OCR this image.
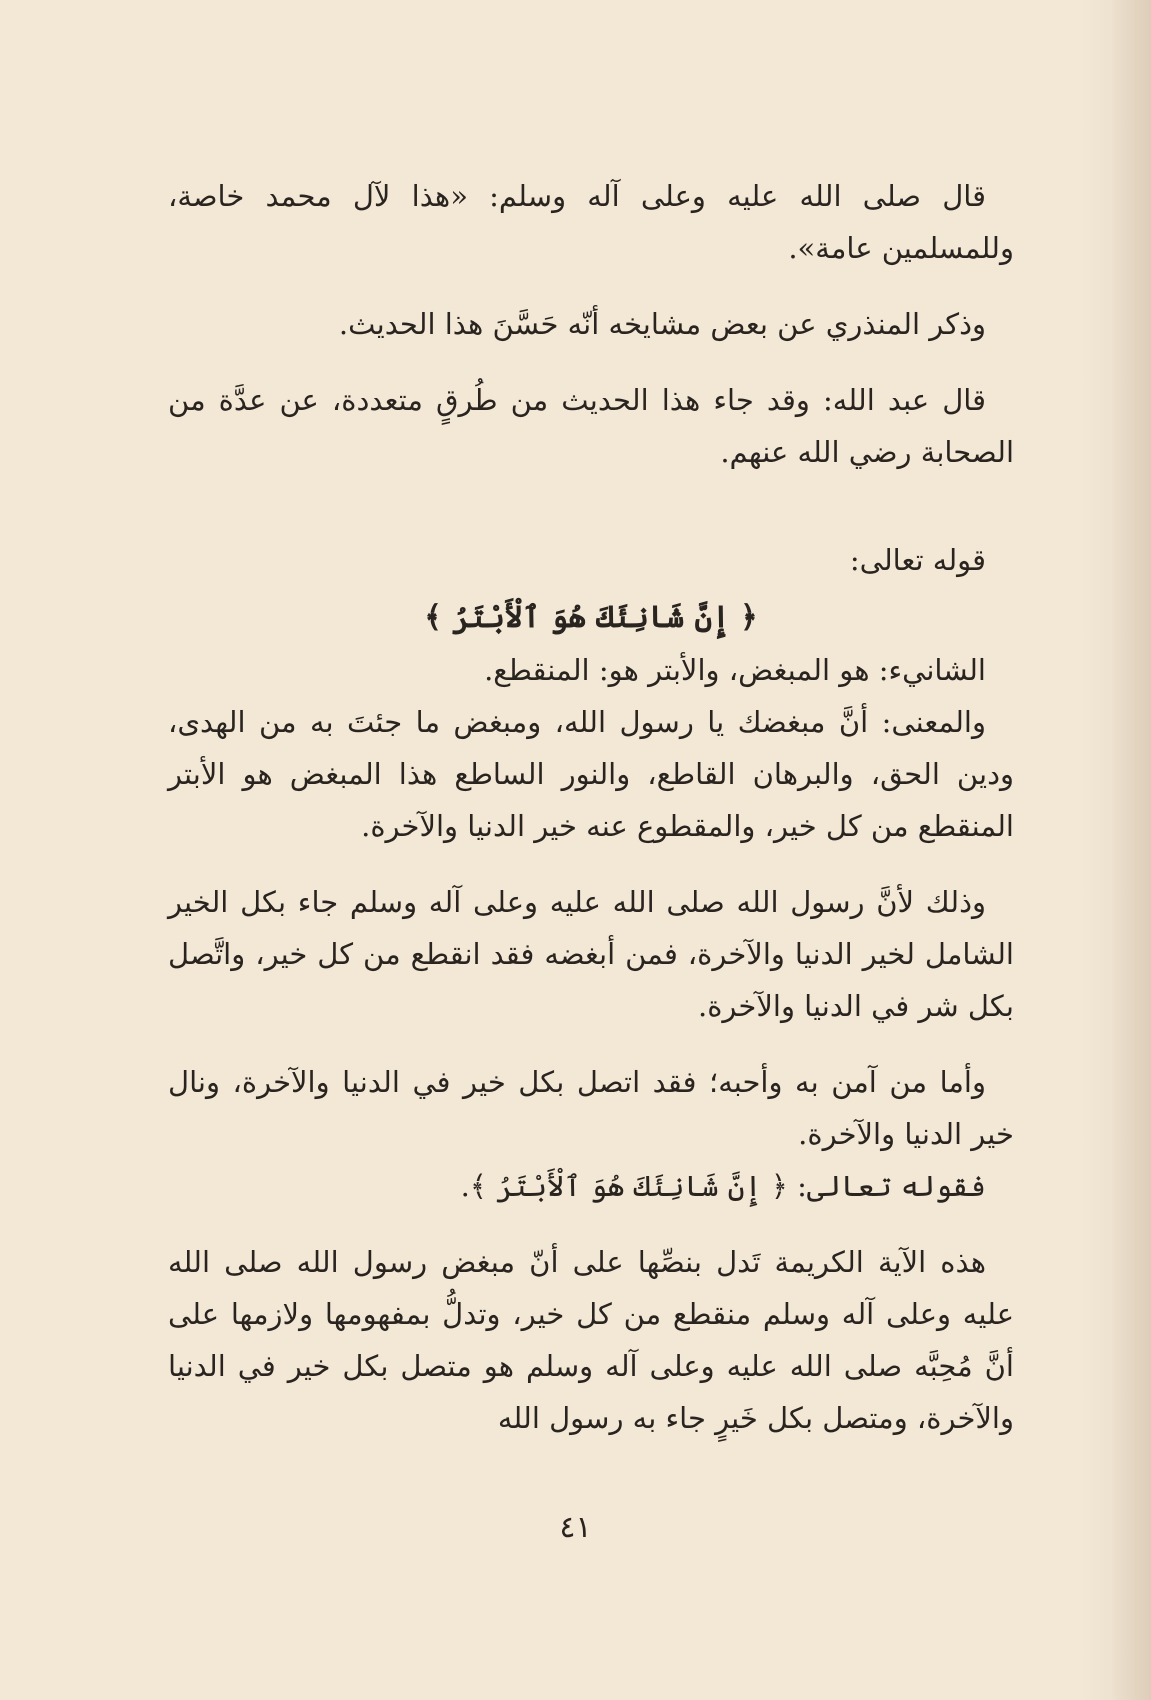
قال صلى الله عليه وعلى آله وسلم: «هذا لآل محمد خاصة، وللمسلمين عامة».

وذكر المنذري عن بعض مشايخه أنّه حَسَّنَ هذا الحديث.

قال عبد الله: وقد جاء هذا الحديث من طُرقٍ متعددة، عن عدَّة من الصحابة رضي الله عنهم.

قوله تعالى:

﴿ إِنَّ شَانِئَكَ هُوَ ٱلْأَبْتَرُ ﴾

الشانيء: هو المبغض، والأبتر هو: المنقطع.

والمعنى: أنَّ مبغضك يا رسول الله، ومبغض ما جئتَ به من الهدى، ودين الحق، والبرهان القاطع، والنور الساطع هذا المبغض هو الأبتر المنقطع من كل خير، والمقطوع عنه خير الدنيا والآخرة.

وذلك لأنَّ رسول الله صلى الله عليه وعلى آله وسلم جاء بكل الخير الشامل لخير الدنيا والآخرة، فمن أبغضه فقد انقطع من كل خير، واتَّصل بكل شر في الدنيا والآخرة.

وأما من آمن به وأحبه؛ فقد اتصل بكل خير في الدنيا والآخرة، ونال خير الدنيا والآخرة.

فقوله تعالى: ﴿ إِنَّ شَانِئَكَ هُوَ ٱلْأَبْتَرُ ﴾.

هذه الآية الكريمة تَدل بنصِّها على أنّ مبغض رسول الله صلى الله عليه وعلى آله وسلم منقطع من كل خير، وتدلُّ بمفهومها ولازمها على أنَّ مُحِبَّه صلى الله عليه وعلى آله وسلم هو متصل بكل خير في الدنيا والآخرة، ومتصل بكل خَيرٍ جاء به رسول الله

٤١
